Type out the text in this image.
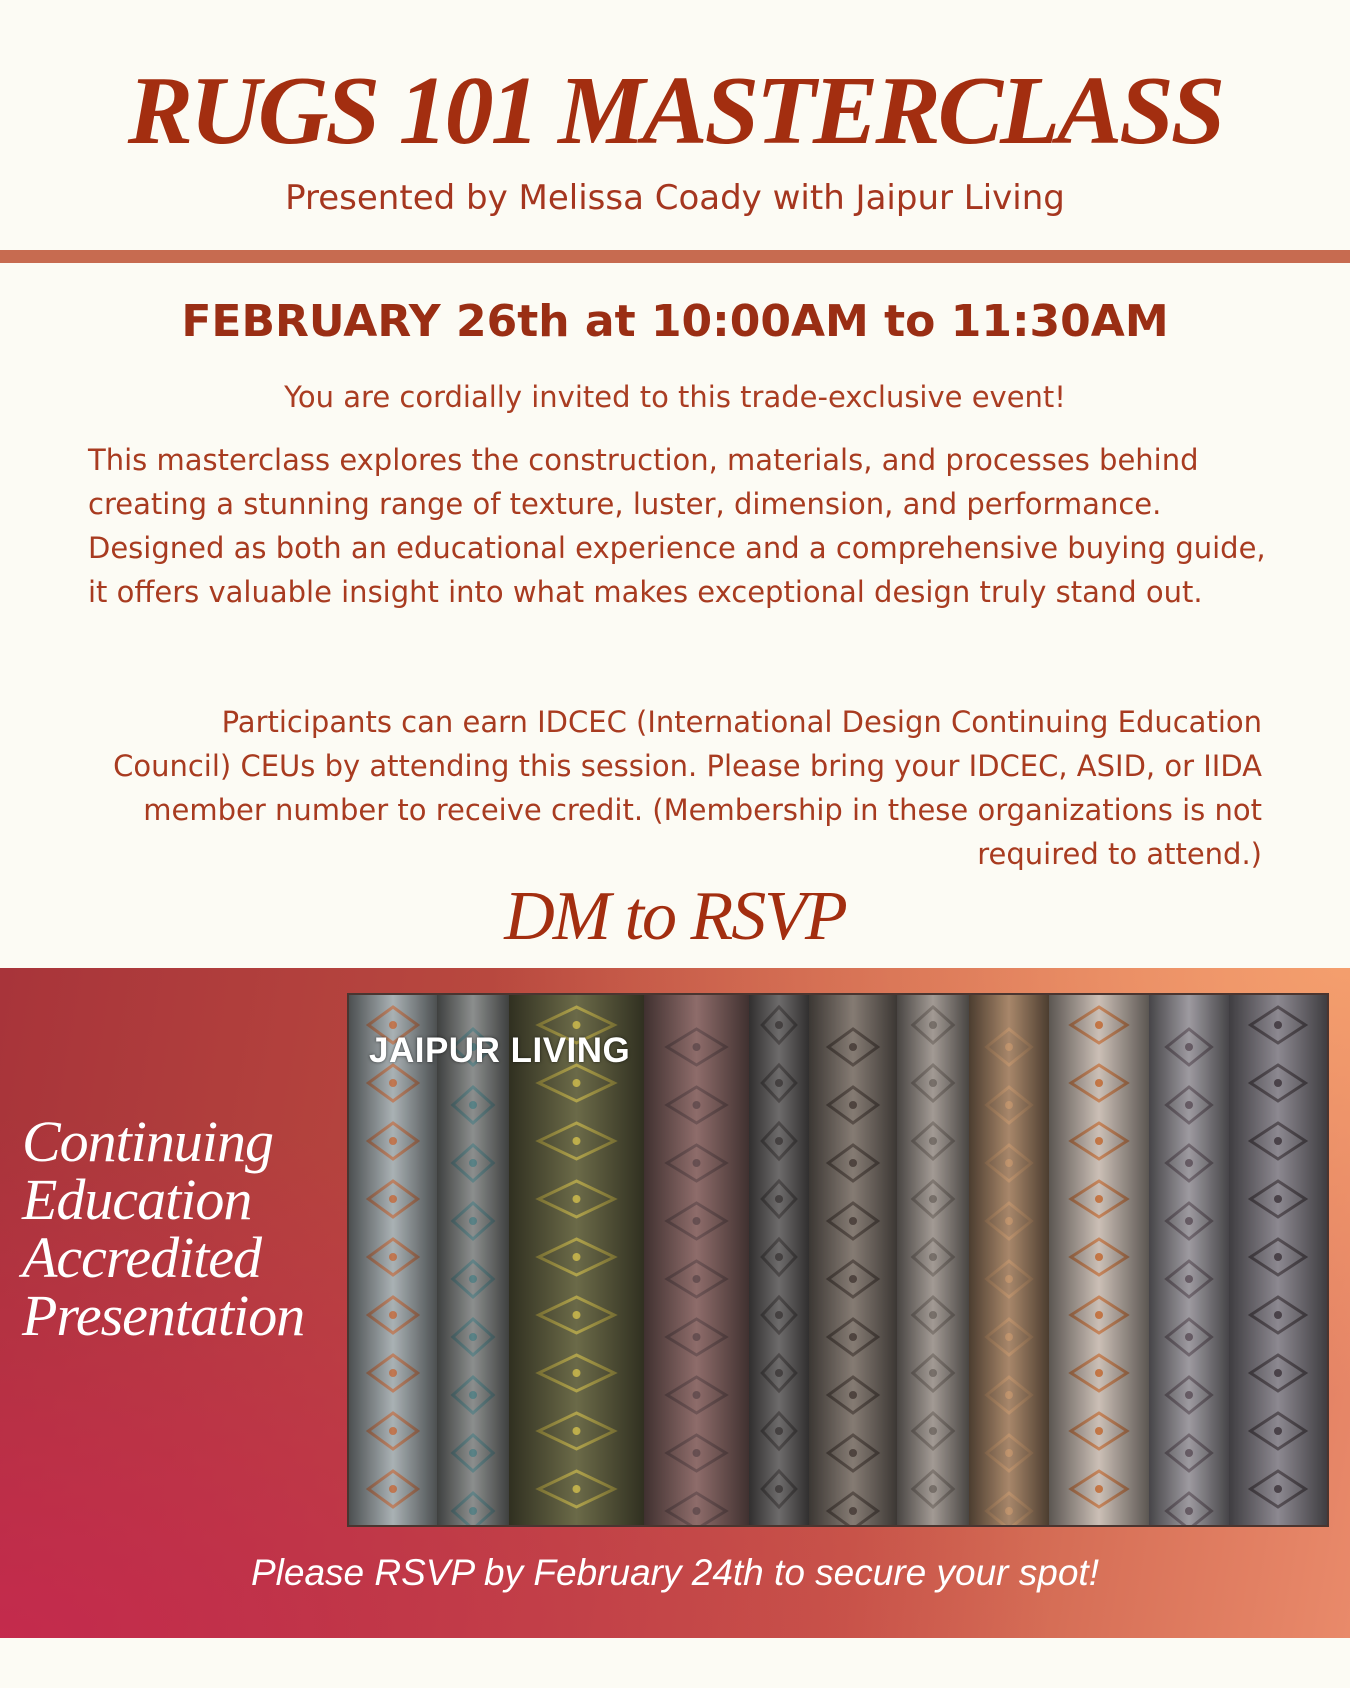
RUGS 101 MASTERCLASS
Presented by Melissa Coady with Jaipur Living
FEBRUARY 26th at 10:00AM to 11:30AM
You are cordially invited to this trade-exclusive event!

This masterclass explores the construction, materials, and processes behind creating a stunning range of texture, luster, dimension, and performance. Designed as both an educational experience and a comprehensive buying guide, it offers valuable insight into what makes exceptional design truly stand out.

Participants can earn IDCEC (International Design Continuing Education Council) CEUs by attending this session. Please bring your IDCEC, ASID, or IIDA member number to receive credit. (Membership in these organizations is not required to attend.)

DM to RSVP
Continuing
Education
Accredited
Presentation
JAIPUR LIVING
Please RSVP by February 24th to secure your spot!
